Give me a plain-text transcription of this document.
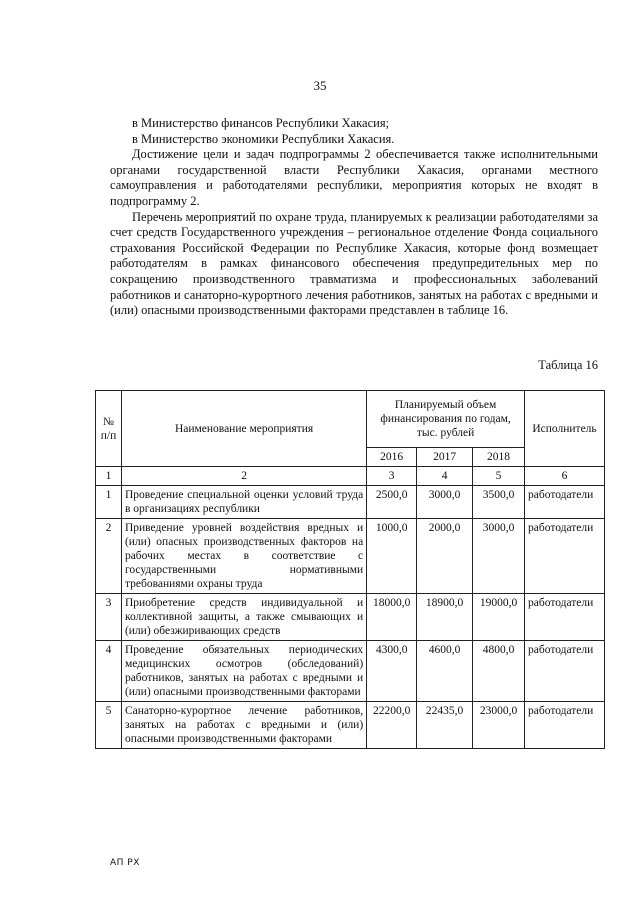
35

в Министерство финансов Республики Хакасия;

в Министерство экономики Республики Хакасия.

Достижение цели и задач подпрограммы 2 обеспечивается также исполнительными органами государственной власти Республики Хакасия, органами местного самоуправления и работодателями республики, мероприятия которых не входят в подпрограмму 2.

Перечень мероприятий по охране труда, планируемых к реализации работодателями за счет средств Государственного учреждения – региональное отделение Фонда социального страхования Российской Федерации по Республике Хакасия, которые фонд возмещает работодателям в рамках финансового обеспечения предупредительных мер по сокращению производственного травматизма и профессиональных заболеваний работников и санаторно-курортного лечения работников, занятых на работах с вредными и (или) опасными производственными факторами представлен в таблице 16.

Таблица 16
№ п/п	Наименование мероприятия	Планируемый объем финансирования по годам, тыс. рублей			Исполнитель
		2016	2017	2018	
1	2	3	4	5	6
1	Проведение специальной оценки условий труда в организациях республики	2500,0	3000,0	3500,0	работодатели
2	Приведение уровней воздействия вредных и (или) опасных производственных факторов на рабочих местах в соответствие с государственными нормативными требованиями охраны труда	1000,0	2000,0	3000,0	работодатели
3	Приобретение средств индивидуальной и коллективной защиты, а также смывающих и (или) обезжиривающих средств	18000,0	18900,0	19000,0	работодатели
4	Проведение обязательных периодических медицинских осмотров (обследований) работников, занятых на работах с вредными и (или) опасными производственными факторами	4300,0	4600,0	4800,0	работодатели
5	Санаторно-курортное лечение работников, занятых на работах с вредными и (или) опасными производственными факторами	22200,0	22435,0	23000,0	работодатели
АП РХ
